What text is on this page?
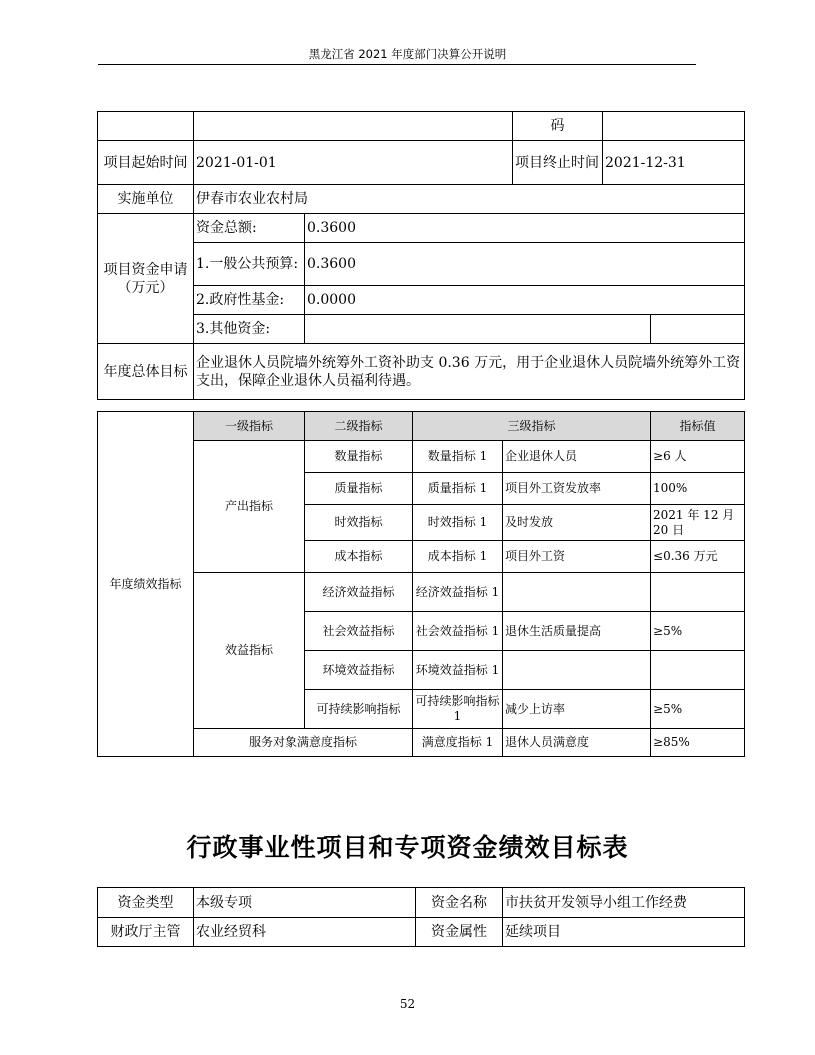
黑龙江省 2021 年度部门决算公开说明
		码	
项目起始时间	2021-01-01	项目终止时间	2021-12-31
实施单位	伊春市农业农村局		
项目资金申请（万元）	资金总额:	0.3600	
	1.一般公共预算:	0.3600	
	2.政府性基金:	0.0000	
	3.其他资金:		
年度总体目标	企业退休人员院墙外统筹外工资补助支 0.36 万元，用于企业退休人员院墙外统筹外工资支出，保障企业退休人员福利待遇。		
年度绩效指标	一级指标	二级指标	三级指标		指标值
	产出指标	数量指标	数量指标 1	企业退休人员	≥6 人
		质量指标	质量指标 1	项目外工资发放率	100%
		时效指标	时效指标 1	及时发放	2021 年 12 月 20 日
		成本指标	成本指标 1	项目外工资	≤0.36 万元
	效益指标	经济效益指标	经济效益指标 1		
		社会效益指标	社会效益指标 1	退休生活质量提高	≥5%
		环境效益指标	环境效益指标 1		
		可持续影响指标	可持续影响指标 1	减少上访率	≥5%
	服务对象满意度指标		满意度指标 1	退休人员满意度	≥85%
行政事业性项目和专项资金绩效目标表
资金类型	本级专项	资金名称	市扶贫开发领导小组工作经费
财政厅主管	农业经贸科	资金属性	延续项目
52
